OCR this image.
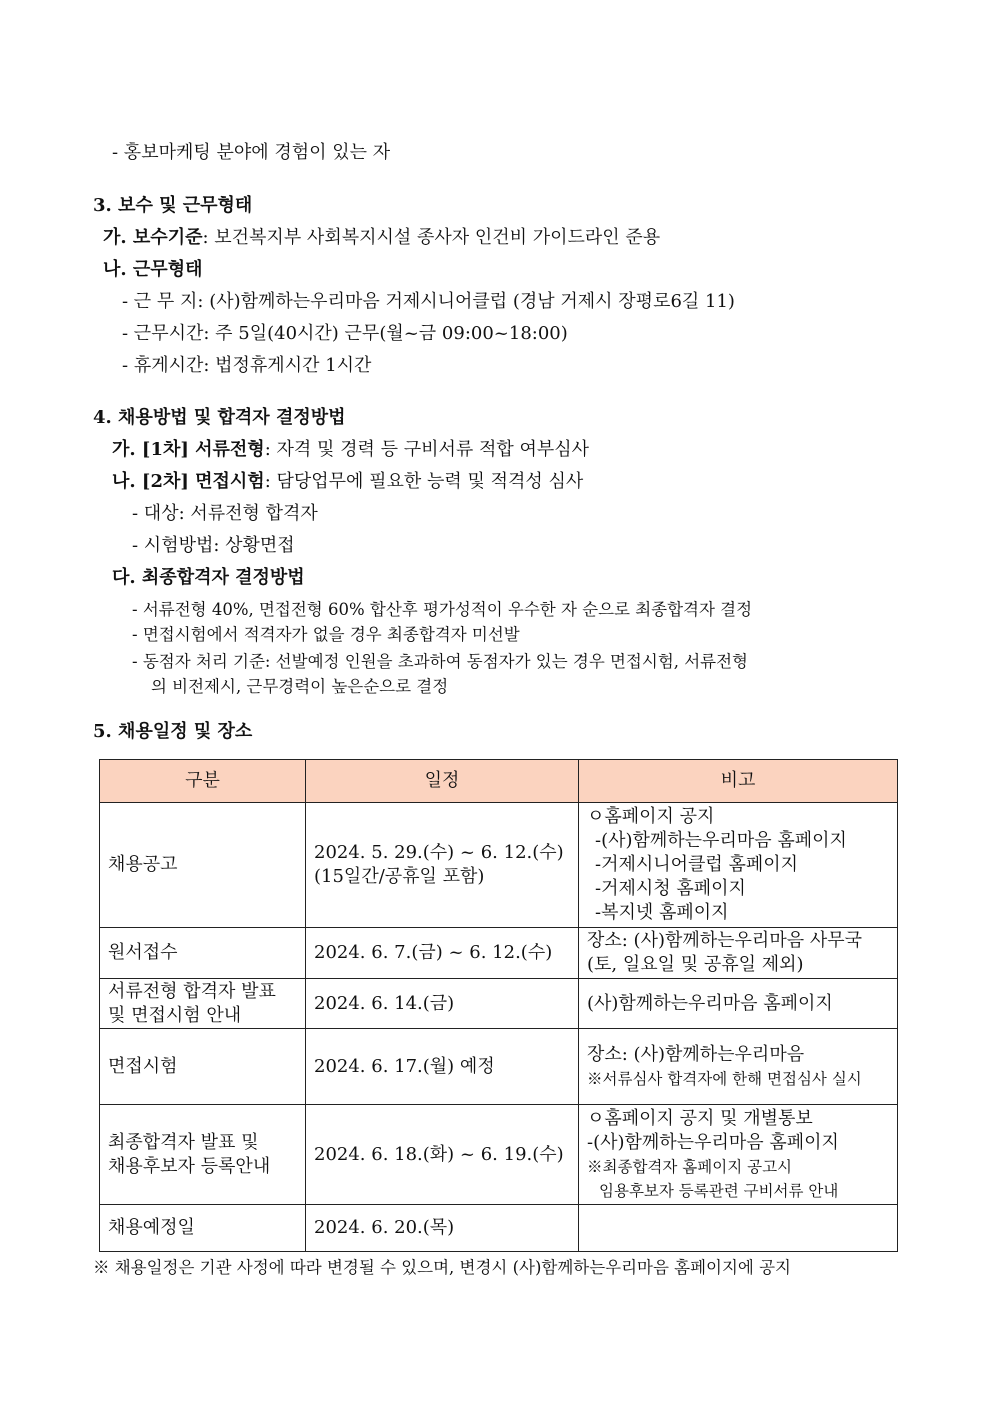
- 홍보마케팅 분야에 경험이 있는 자
3. 보수 및 근무형태
가. 보수기준: 보건복지부 사회복지시설 종사자 인건비 가이드라인 준용
나. 근무형태
- 근 무 지: (사)함께하는우리마음 거제시니어클럽 (경남 거제시 장평로6길 11)
- 근무시간: 주 5일(40시간) 근무(월~금 09:00~18:00)
- 휴게시간: 법정휴게시간 1시간
4. 채용방법 및 합격자 결정방법
가. [1차] 서류전형: 자격 및 경력 등 구비서류 적합 여부심사
나. [2차] 면접시험: 담당업무에 필요한 능력 및 적격성 심사
- 대상: 서류전형 합격자
- 시험방법: 상황면접
다. 최종합격자 결정방법
- 서류전형 40%, 면접전형 60% 합산후 평가성적이 우수한 자 순으로 최종합격자 결정
- 면접시험에서 적격자가 없을 경우 최종합격자 미선발
- 동점자 처리 기준: 선발예정 인원을 초과하여 동점자가 있는 경우 면접시험, 서류전형
의 비전제시, 근무경력이 높은순으로 결정
5. 채용일정 및 장소
구분	일정	비고

채용공고	2024. 5. 29.(수) ~ 6. 12.(수)
(15일간/공휴일 포함)	ㅇ홈페이지 공지
-(사)함께하는우리마음 홈페이지
-거제시니어클럽 홈페이지
-거제시청 홈페이지
-복지넷 홈페이지

원서접수	2024. 6. 7.(금) ~ 6. 12.(수)	장소: (사)함께하는우리마음 사무국
(토, 일요일 및 공휴일 제외)

서류전형 합격자 발표
및 면접시험 안내	2024. 6. 14.(금)	(사)함께하는우리마음 홈페이지

면접시험	2024. 6. 17.(월) 예정	장소: (사)함께하는우리마음
※서류심사 합격자에 한해 면접심사 실시

최종합격자 발표 및
채용후보자 등록안내	2024. 6. 18.(화) ~ 6. 19.(수)	ㅇ홈페이지 공지 및 개별통보
-(사)함께하는우리마음 홈페이지
※최종합격자 홈페이지 공고시
임용후보자 등록관련 구비서류 안내

채용예정일	2024. 6. 20.(목)	

※ 채용일정은 기관 사정에 따라 변경될 수 있으며, 변경시 (사)함께하는우리마음 홈페이지에 공지
